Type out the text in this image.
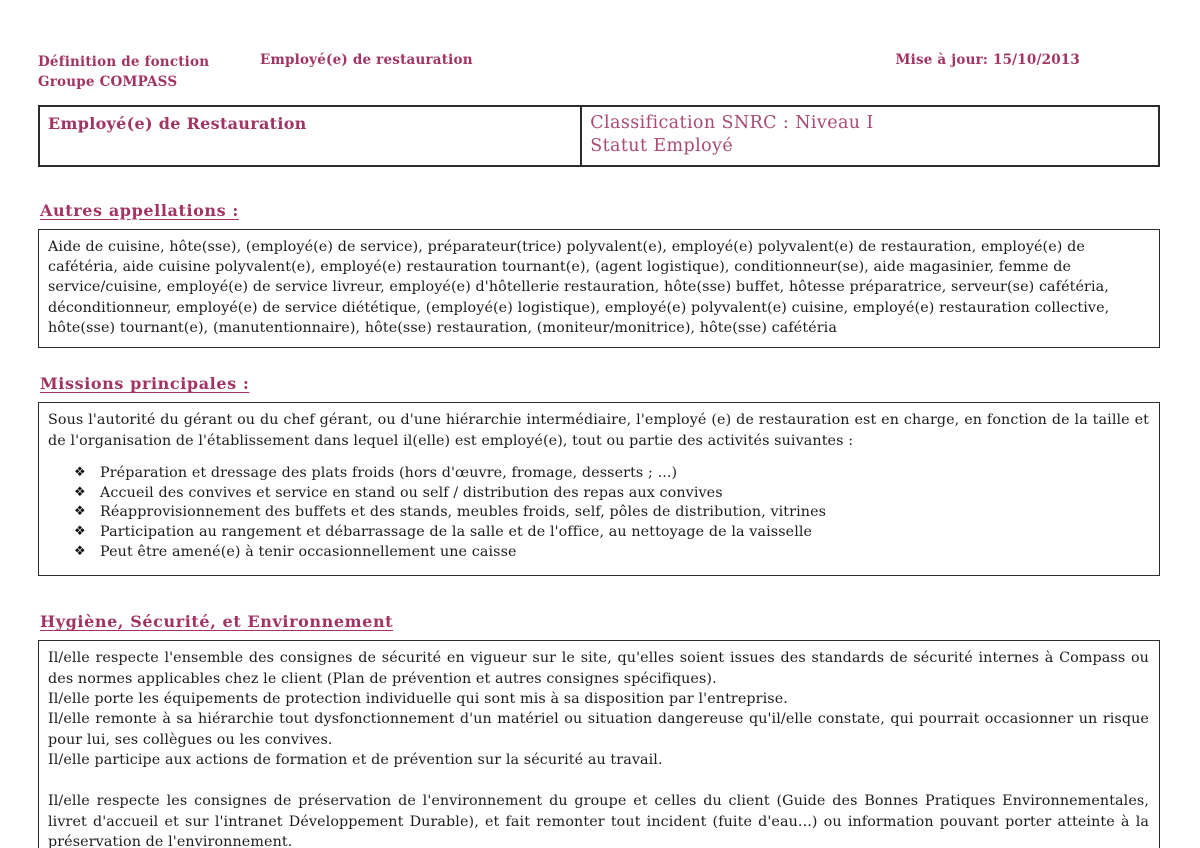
Définition de fonction
Groupe COMPASS
Employé(e) de restauration	Mise à jour: 15/10/2013
Employé(e) de Restauration	Classification SNRC : Niveau I
Statut Employé
Autres appellations :

Aide de cuisine, hôte(sse), (employé(e) de service), préparateur(trice) polyvalent(e), employé(e) polyvalent(e) de restauration, employé(e) de cafétéria, aide cuisine polyvalent(e), employé(e) restauration tournant(e), (agent logistique), conditionneur(se), aide magasinier, femme de service/cuisine, employé(e) de service livreur, employé(e) d'hôtellerie restauration, hôte(sse) buffet, hôtesse préparatrice, serveur(se) cafétéria, déconditionneur, employé(e) de service diététique, (employé(e) logistique), employé(e) polyvalent(e) cuisine, employé(e) restauration collective, hôte(sse) tournant(e), (manutentionnaire), hôte(sse) restauration, (moniteur/monitrice), hôte(sse) cafétéria

Missions principales :

Sous l'autorité du gérant ou du chef gérant, ou d'une hiérarchie intermédiaire, l'employé (e) de restauration est en charge, en fonction de la taille et de l'organisation de l'établissement dans lequel il(elle) est employé(e), tout ou partie des activités suivantes :

❖ Préparation et dressage des plats froids (hors d'œuvre, fromage, desserts ; ...)
❖ Accueil des convives et service en stand ou self / distribution des repas aux convives
❖ Réapprovisionnement des buffets et des stands, meubles froids, self, pôles de distribution, vitrines
❖ Participation au rangement et débarrassage de la salle et de l'office, au nettoyage de la vaisselle
❖ Peut être amené(e) à tenir occasionnellement une caisse
Hygiène, Sécurité, et Environnement

Il/elle respecte l'ensemble des consignes de sécurité en vigueur sur le site, qu'elles soient issues des standards de sécurité internes à Compass ou des normes applicables chez le client (Plan de prévention et autres consignes spécifiques).

Il/elle porte les équipements de protection individuelle qui sont mis à sa disposition par l'entreprise.

Il/elle remonte à sa hiérarchie tout dysfonctionnement d'un matériel ou situation dangereuse qu'il/elle constate, qui pourrait occasionner un risque pour lui, ses collègues ou les convives.

Il/elle participe aux actions de formation et de prévention sur la sécurité au travail.

Il/elle respecte les consignes de préservation de l'environnement du groupe et celles du client (Guide des Bonnes Pratiques Environnementales, livret d'accueil et sur l'intranet Développement Durable), et fait remonter tout incident (fuite d'eau...) ou information pouvant porter atteinte à la préservation de l'environnement.
